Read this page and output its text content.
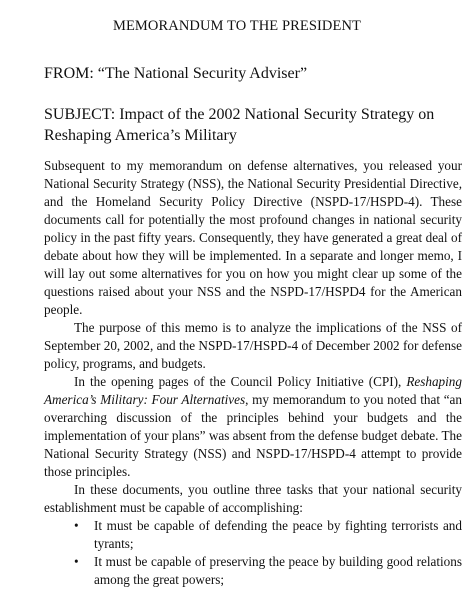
MEMORANDUM TO THE PRESIDENT
FROM: “The National Security Adviser”
SUBJECT: Impact of the 2002 National Security Strategy on Reshaping America’s Military

Subsequent to my memorandum on defense alternatives, you released your National Security Strategy (NSS), the National Security Presidential Directive, and the Homeland Security Policy Directive (NSPD-17/HSPD-4). These documents call for potentially the most profound changes in national security policy in the past fifty years. Consequently, they have generated a great deal of debate about how they will be implemented. In a separate and longer memo, I will lay out some alternatives for you on how you might clear up some of the questions raised about your NSS and the NSPD-17/HSPD4 for the American people.

The purpose of this memo is to analyze the implications of the NSS of September 20, 2002, and the NSPD-17/HSPD-4 of December 2002 for defense policy, programs, and budgets.

In the opening pages of the Council Policy Initiative (CPI), Reshaping America’s Military: Four Alternatives, my memorandum to you noted that “an overarching discussion of the principles behind your budgets and the implementation of your plans” was absent from the defense budget debate. The National Security Strategy (NSS) and NSPD-17/HSPD-4 attempt to provide those principles.

In these documents, you outline three tasks that your national security establishment must be capable of accomplishing:

• It must be capable of defending the peace by fighting terrorists and tyrants;
• It must be capable of preserving the peace by building good relations among the great powers;
